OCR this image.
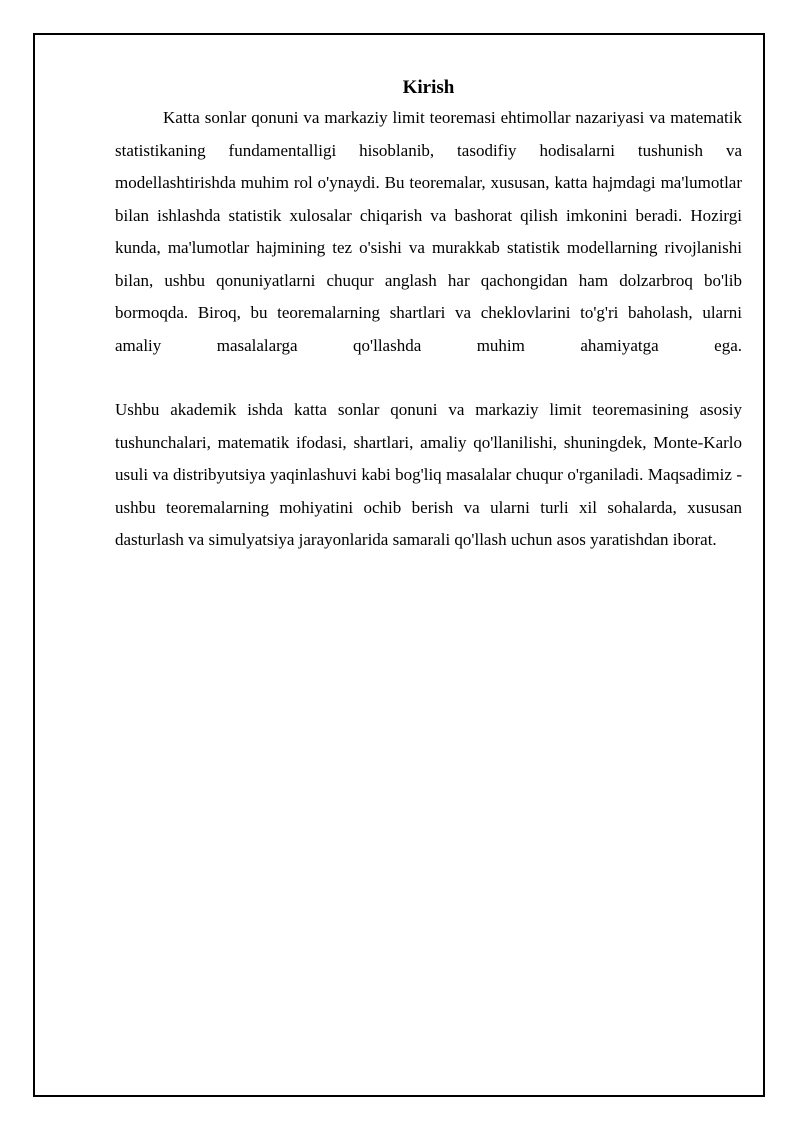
Kirish

Katta sonlar qonuni va markaziy limit teoremasi ehtimollar nazariyasi va matematik statistikaning fundamentalligi hisoblanib, tasodifiy hodisalarni tushunish va modellashtirishda muhim rol o'ynaydi. Bu teoremalar, xususan, katta hajmdagi ma'lumotlar bilan ishlashda statistik xulosalar chiqarish va bashorat qilish imkonini beradi. Hozirgi kunda, ma'lumotlar hajmining tez o'sishi va murakkab statistik modellarning rivojlanishi bilan, ushbu qonuniyatlarni chuqur anglash har qachongidan ham dolzarbroq bo'lib bormoqda. Biroq, bu teoremalarning shartlari va cheklovlarini to'g'ri baholash, ularni amaliy masalalarga qo'llashda muhim ahamiyatga ega.

Ushbu akademik ishda katta sonlar qonuni va markaziy limit teoremasining asosiy tushunchalari, matematik ifodasi, shartlari, amaliy qo'llanilishi, shuningdek, Monte-Karlo usuli va distribyutsiya yaqinlashuvi kabi bog'liq masalalar chuqur o'rganiladi. Maqsadimiz - ushbu teoremalarning mohiyatini ochib berish va ularni turli xil sohalarda, xususan dasturlash va simulyatsiya jarayonlarida samarali qo'llash uchun asos yaratishdan iborat.
